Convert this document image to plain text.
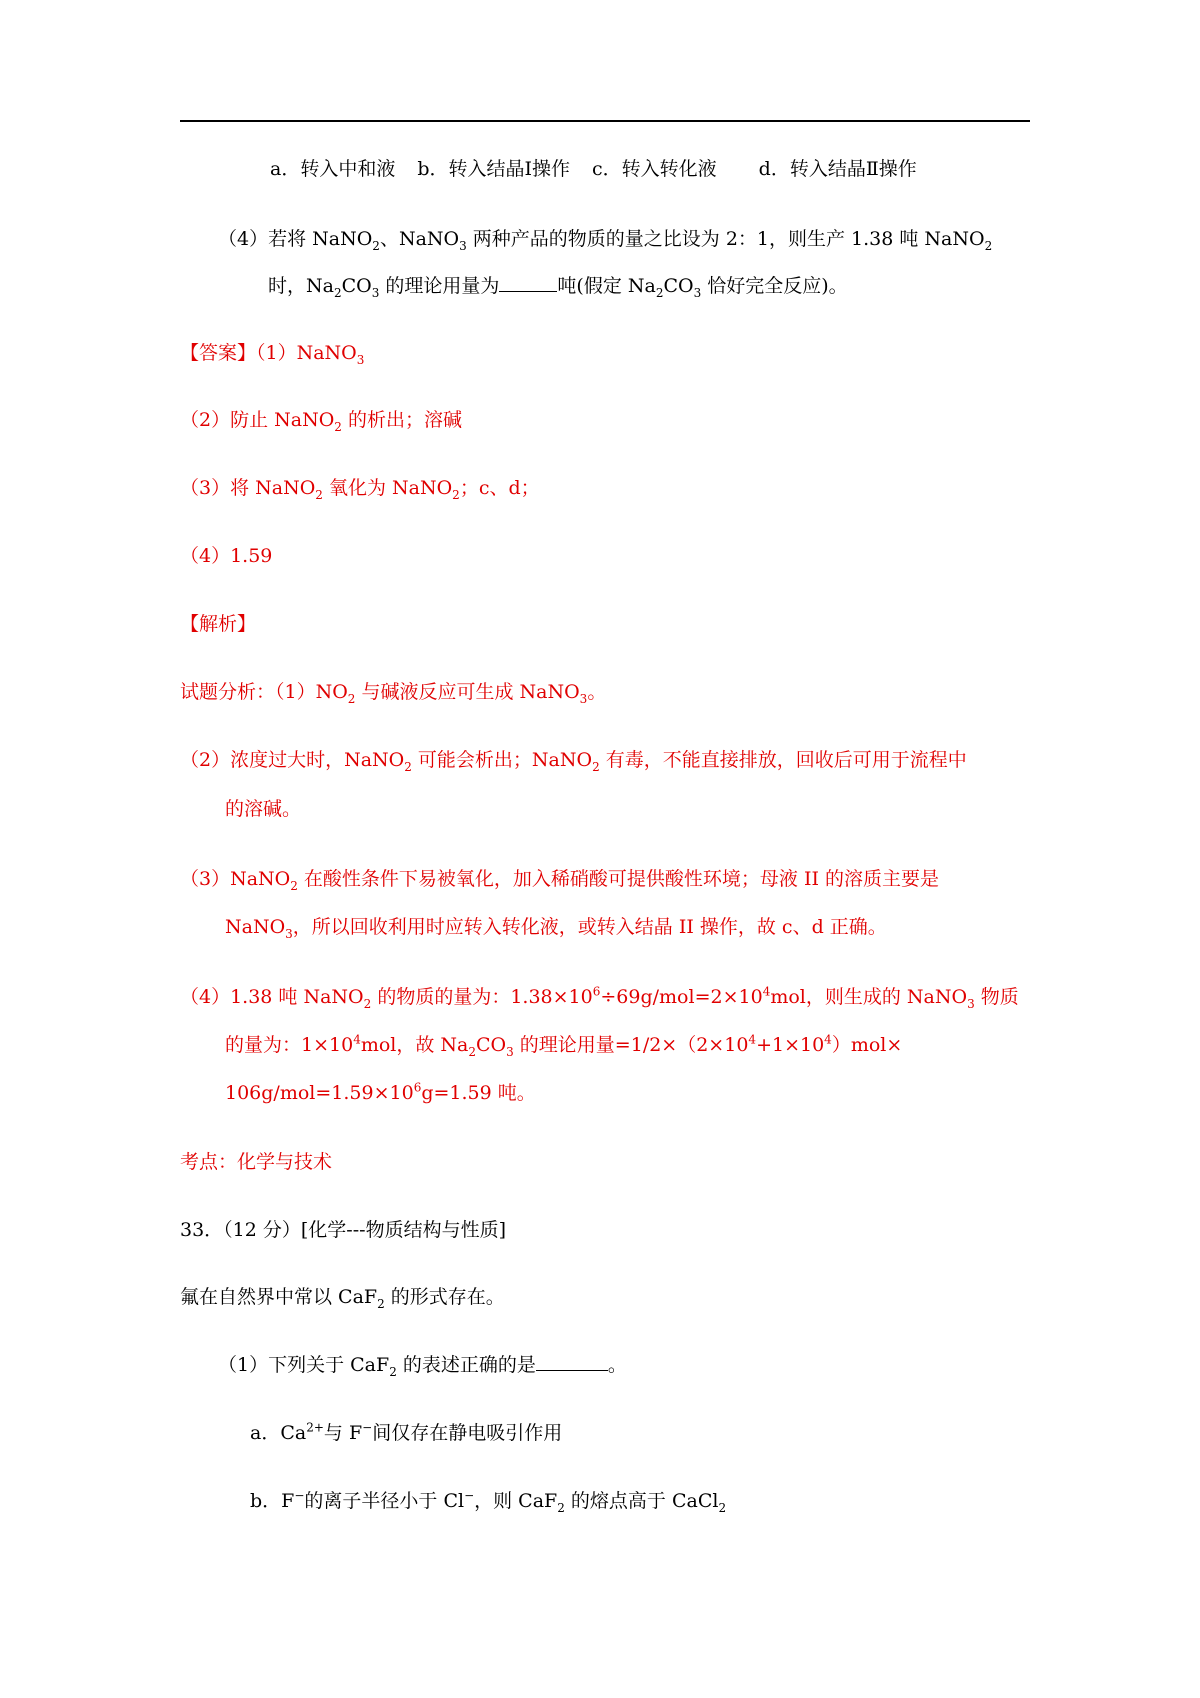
a．转入中和液 b．转入结晶Ⅰ操作 c．转入转化液 d．转入结晶Ⅱ操作
（4）若将 NaNO$_2$、NaNO$_3$ 两种产品的物质的量之比设为 2：1，则生产 1.38 吨 NaNO$_2$
时，$Na_2CO_3$ 的理论用量为	吨(假定 $Na_2CO_3$ 恰好完全反应)。
【答案】（1）NaNO$_3$
（2）防止 NaNO$_2$ 的析出；溶碱
（3）将 NaNO$_2$ 氧化为 NaNO$_2$；c、d；
（4）1.59
【解析】
试题分析：$(1)NO_2$ 与碱液反应可生成 NaNO$_3$。
（2）浓度过大时，NaNO$_2$ 可能会析出；NaNO$_2$ 有毒，不能直接排放，回收后可用于流程中
的溶碱。
（3）NaNO$_2$ 在酸性条件下易被氧化，加入稀硝酸可提供酸性环境；母液 II 的溶质主要是
NaNO$_3$，所以回收利用时应转入转化液，或转入结晶 II 操作，故 c、d 正确。
（4）1.38 吨 NaNO$_2$ 的物质的量为：$1.38\times 10^6\div 69g/mol=2\times 10^4mol$，则生成的 NaNO$_3$ 物质
的量为：$1\times 10^4mol$，故 $Na_2CO_3$ 的理论用量$=1/2\times(2\times 10^4+1\times 10^4)mol\times$
$106g/mol=1.59\times 10^6g=1.59$ 吨。
考点：化学与技术
33．（12 分）[化学---物质结构与性质]
氟在自然界中常以 CaF$_2$ 的形式存在。
（1）下列关于 CaF$_2$ 的表述正确的是	。
a．$Ca^{2+}$与 F−间仅存在静电吸引作用
b．F−的离子半径小于 Cl−，则 CaF$_2$ 的熔点高于 CaCl$_2$
